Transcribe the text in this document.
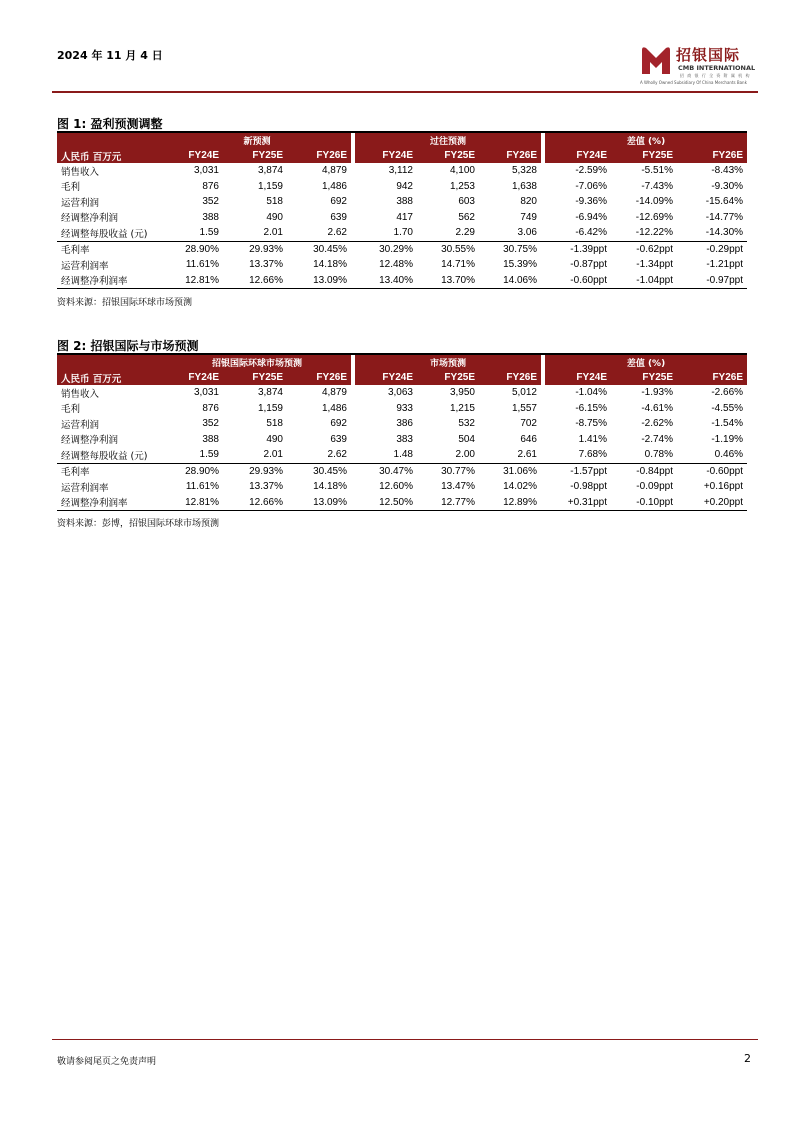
2024 年 11 月 4 日	招银国际
CMB INTERNATIONAL
招 商 银 行 全 资 附 属 机 构
A Wholly Owned Subsidiary Of China Merchants Bank
图 1: 盈利预测调整
	新预测				过往预测				差值 (%)		
人民币 百万元	FY24E	FY25E	FY26E		FY24E	FY25E	FY26E		FY24E	FY25E	FY26E
销售收入	3,031	3,874	4,879		3,112	4,100	5,328		-2.59%	-5.51%	-8.43%
毛利	876	1,159	1,486		942	1,253	1,638		-7.06%	-7.43%	-9.30%
运营利润	352	518	692		388	603	820		-9.36%	-14.09%	-15.64%
经调整净利润	388	490	639		417	562	749		-6.94%	-12.69%	-14.77%
经调整每股收益 (元)	1.59	2.01	2.62		1.70	2.29	3.06		-6.42%	-12.22%	-14.30%
毛利率	28.90%	29.93%	30.45%		30.29%	30.55%	30.75%		-1.39ppt	-0.62ppt	-0.29ppt
运营利润率	11.61%	13.37%	14.18%		12.48%	14.71%	15.39%		-0.87ppt	-1.34ppt	-1.21ppt
经调整净利润率	12.81%	12.66%	13.09%		13.40%	13.70%	14.06%		-0.60ppt	-1.04ppt	-0.97ppt
资料来源：招银国际环球市场预测
图 2: 招银国际与市场预测
	招银国际环球市场预测				市场预测				差值 (%)		
人民币 百万元	FY24E	FY25E	FY26E		FY24E	FY25E	FY26E		FY24E	FY25E	FY26E
销售收入	3,031	3,874	4,879		3,063	3,950	5,012		-1.04%	-1.93%	-2.66%
毛利	876	1,159	1,486		933	1,215	1,557		-6.15%	-4.61%	-4.55%
运营利润	352	518	692		386	532	702		-8.75%	-2.62%	-1.54%
经调整净利润	388	490	639		383	504	646		1.41%	-2.74%	-1.19%
经调整每股收益 (元)	1.59	2.01	2.62		1.48	2.00	2.61		7.68%	0.78%	0.46%
毛利率	28.90%	29.93%	30.45%		30.47%	30.77%	31.06%		-1.57ppt	-0.84ppt	-0.60ppt
运营利润率	11.61%	13.37%	14.18%		12.60%	13.47%	14.02%		-0.98ppt	-0.09ppt	+0.16ppt
经调整净利润率	12.81%	12.66%	13.09%		12.50%	12.77%	12.89%		+0.31ppt	-0.10ppt	+0.20ppt
资料来源：彭博，招银国际环球市场预测
敬请参阅尾页之免责声明	2
